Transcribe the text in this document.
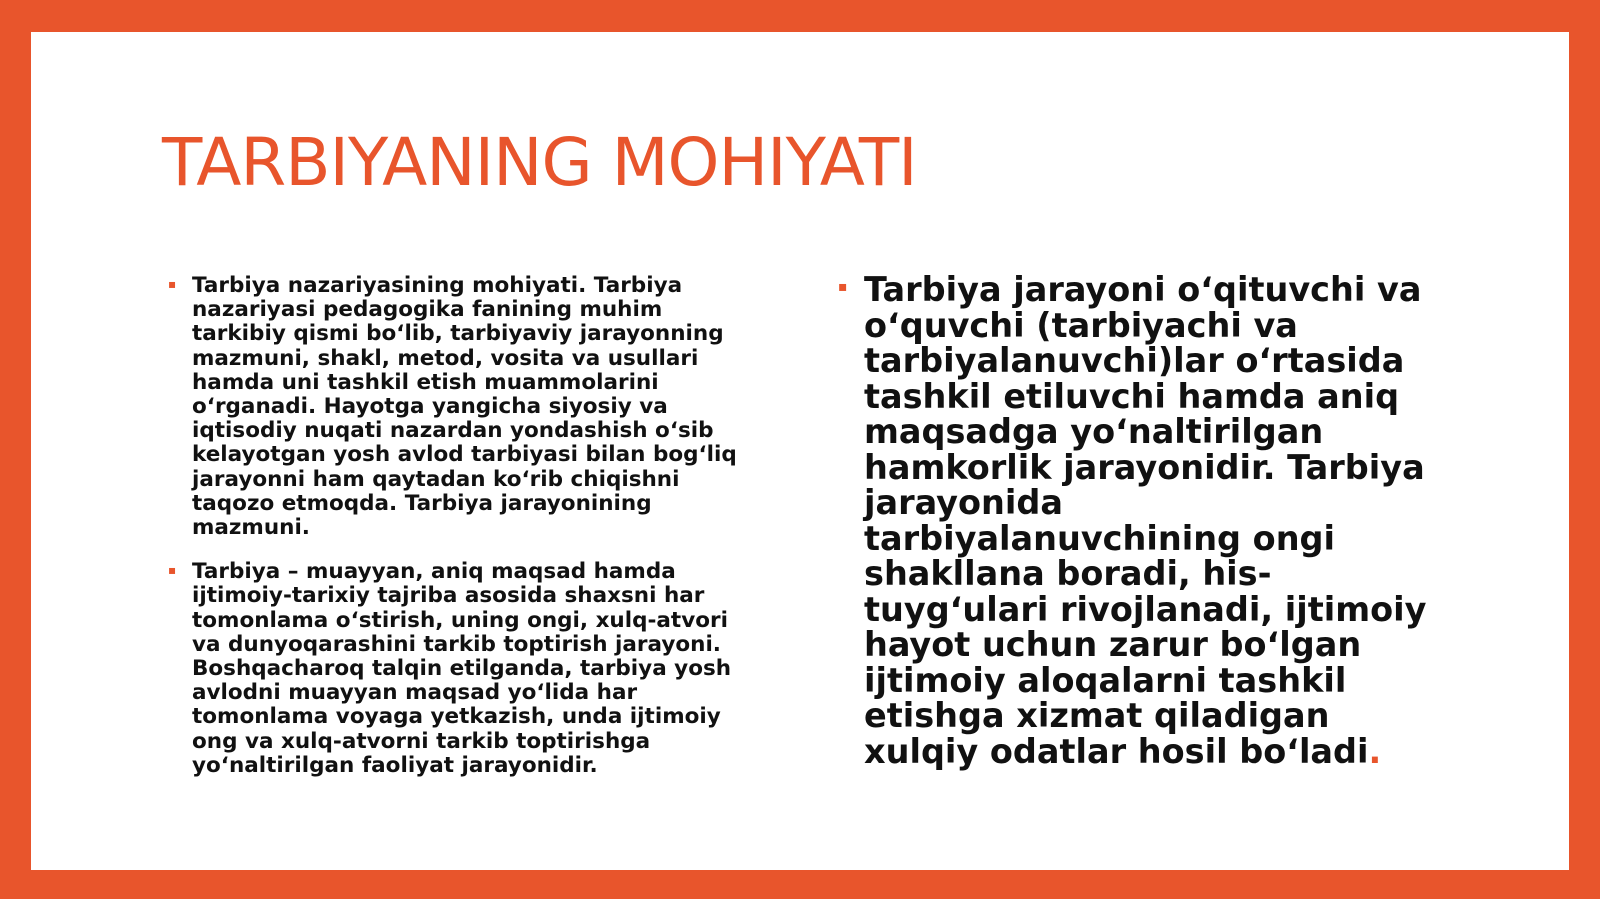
TARBIYANING MOHIYATI
▪ Tarbiya nazariyasining mohiyati. Tarbiya nazariyasi pedagogika fanining muhim tarkibiy qismi bo‘lib, tarbiyaviy jarayonning mazmuni, shakl, metod, vosita va usullari hamda uni tashkil etish muammolarini o‘rganadi. Hayotga yangicha siyosiy va iqtisodiy nuqati nazardan yondashish o‘sib kelayotgan yosh avlod tarbiyasi bilan bog‘liq jarayonni ham qaytadan ko‘rib chiqishni taqozo etmoqda. Tarbiya jarayonining mazmuni.
▪ Tarbiya – muayyan, aniq maqsad hamda ijtimoiy-tarixiy tajriba asosida shaxsni har tomonlama o‘stirish, uning ongi, xulq-atvori va dunyoqarashini tarkib toptirish jarayoni. Boshqacharoq talqin etilganda, tarbiya yosh avlodni muayyan maqsad yo‘lida har tomonlama voyaga yetkazish, unda ijtimoiy ong va xulq-atvorni tarkib toptirishga yo‘naltirilgan faoliyat jarayonidir.
▪ Tarbiya jarayoni o‘qituvchi va o‘quvchi (tarbiyachi va tarbiyalanuvchi)lar o‘rtasida tashkil etiluvchi hamda aniq maqsadga yo‘naltirilgan hamkorlik jarayonidir. Tarbiya jarayonida tarbiyalanuvchining ongi shakllana boradi, his-tuyg‘ulari rivojlanadi, ijtimoiy hayot uchun zarur bo‘lgan ijtimoiy aloqalarni tashkil etishga xizmat qiladigan xulqiy odatlar hosil bo‘ladi.
